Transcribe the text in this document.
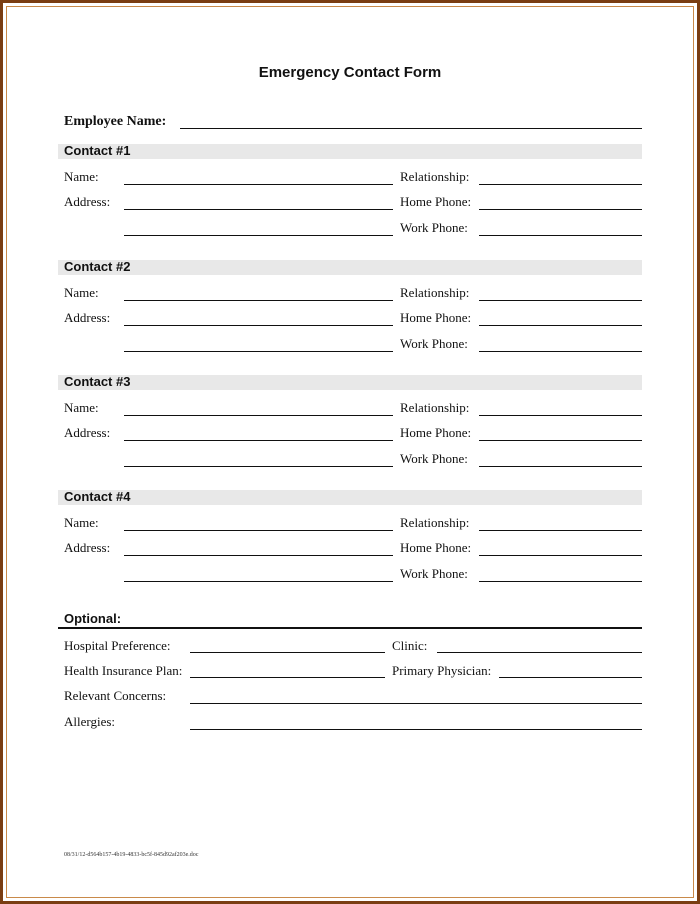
Emergency Contact Form
Employee Name:
Contact #1
Name:	Relationship:
Address:	Home Phone:
Work Phone:
Contact #2
Name:	Relationship:
Address:	Home Phone:
Work Phone:
Contact #3
Name:	Relationship:
Address:	Home Phone:
Work Phone:
Contact #4
Name:	Relationship:
Address:	Home Phone:
Work Phone:
Optional:
Hospital Preference:	Clinic:
Health Insurance Plan:	Primary Physician:
Relevant Concerns:
Allergies:
08/31/12-d564b157-4b19-4833-bc5f-845d92af203e.doc
